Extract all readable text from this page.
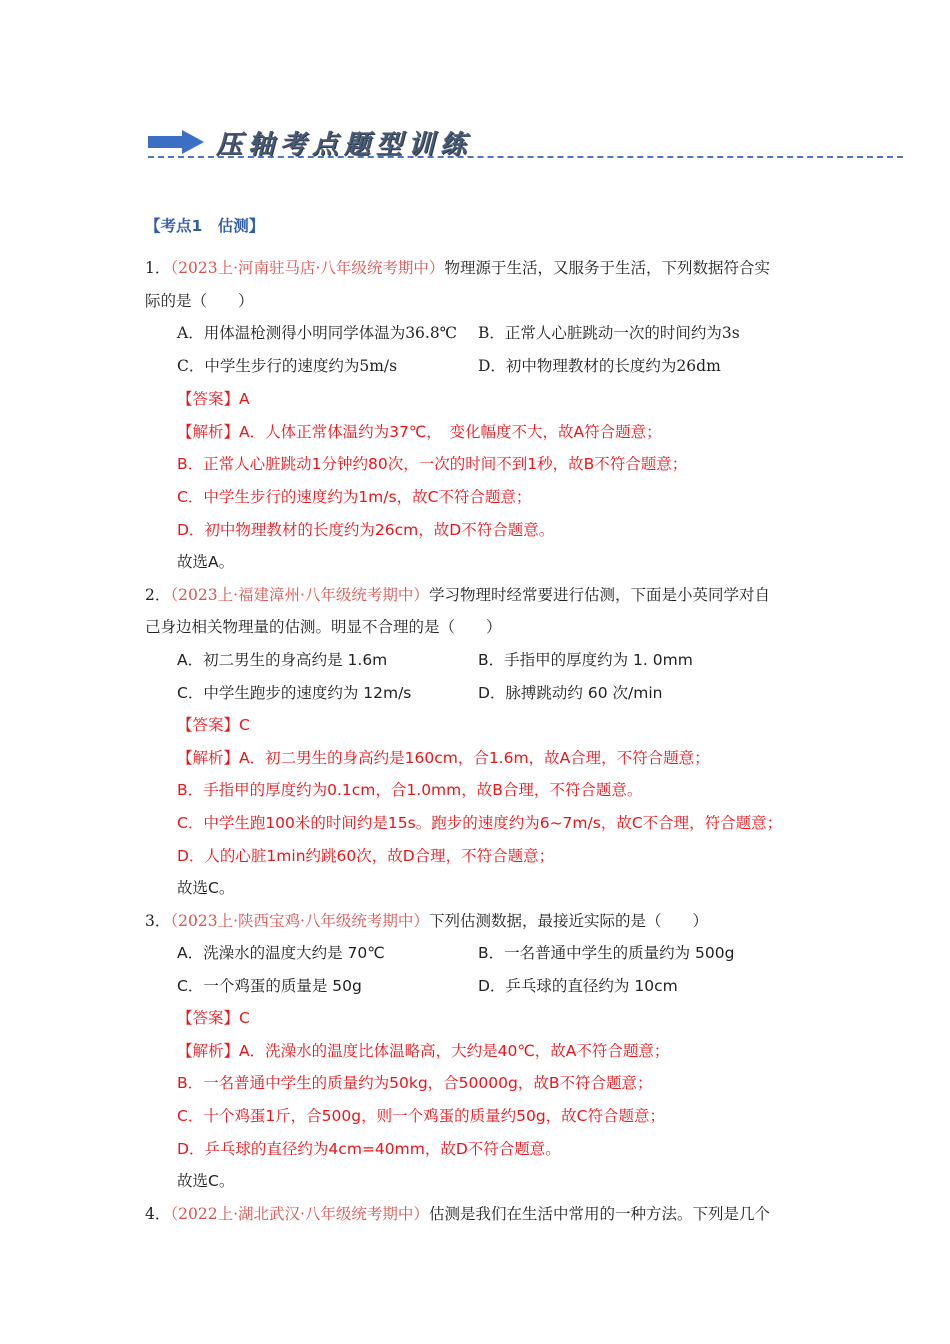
压轴考点题型训练
【考点1　估测】
1．（2023上·河南驻马店·八年级统考期中）物理源于生活，又服务于生活，下列数据符合实
际的是（　　）
A．用体温枪测得小明同学体温为36.8℃ B．正常人心脏跳动一次的时间约为3s
C．中学生步行的速度约为5m/s	D．初中物理教材的长度约为26dm
【答案】A
【解析】A．人体正常体温约为37℃，　变化幅度不大，故A符合题意；
B．正常人心脏跳动1分钟约80次，一次的时间不到1秒，故B不符合题意；
C．中学生步行的速度约为1m/s，故C不符合题意；
D．初中物理教材的长度约为26cm，故D不符合题意。
故选A。
2．（2023上·福建漳州·八年级统考期中）学习物理时经常要进行估测，下面是小英同学对自
己身边相关物理量的估测。明显不合理的是（　　）
A．初二男生的身高约是 1.6m	B．手指甲的厚度约为 1. 0mm
C．中学生跑步的速度约为 12m/s	D．脉搏跳动约 60 次/min
【答案】C
【解析】A．初二男生的身高约是160cm，合1.6m，故A合理，不符合题意；
B．手指甲的厚度约为0.1cm，合1.0mm，故B合理，不符合题意。
C．中学生跑100米的时间约是15s。跑步的速度约为6~7m/s，故C不合理，符合题意；
D．人的心脏1min约跳60次，故D合理，不符合题意；
故选C。
3．（2023上·陕西宝鸡·八年级统考期中）下列估测数据，最接近实际的是（　　）
A．洗澡水的温度大约是 70℃	B．一名普通中学生的质量约为 500g
C．一个鸡蛋的质量是 50g	D．乒乓球的直径约为 10cm
【答案】C
【解析】A．洗澡水的温度比体温略高，大约是40℃，故A不符合题意；
B．一名普通中学生的质量约为50kg，合50000g，故B不符合题意；
C．十个鸡蛋1斤，合500g，则一个鸡蛋的质量约50g，故C符合题意；
D．乒乓球的直径约为4cm=40mm，故D不符合题意。
故选C。
4．（2022上·湖北武汉·八年级统考期中）估测是我们在生活中常用的一种方法。下列是几个
